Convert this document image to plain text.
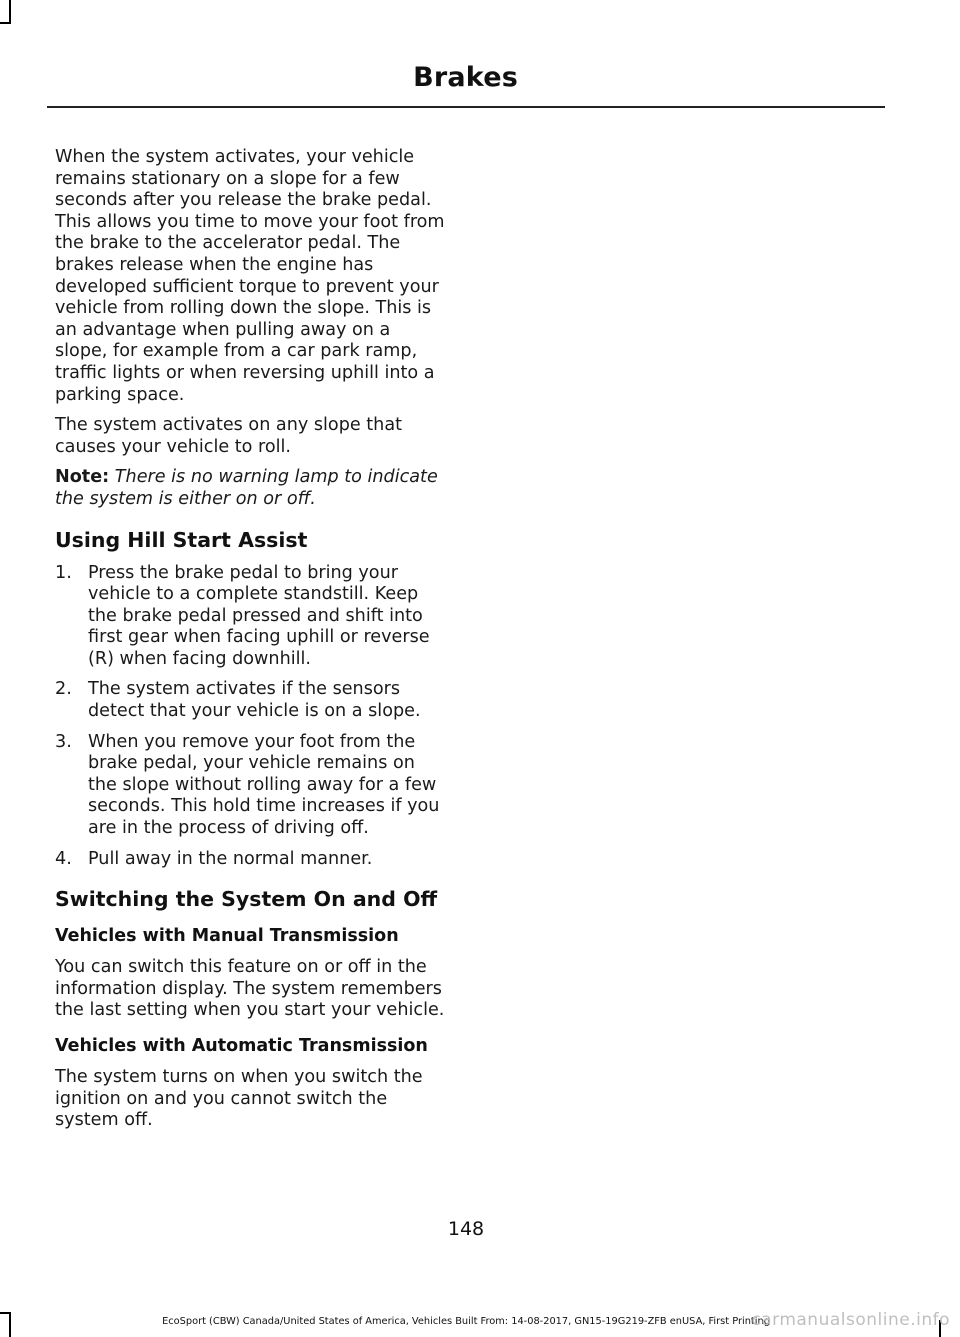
Brakes

When the system activates, your vehicle remains stationary on a slope for a few seconds after you release the brake pedal. This allows you time to move your foot from the brake to the accelerator pedal. The brakes release when the engine has developed sufficient torque to prevent your vehicle from rolling down the slope. This is an advantage when pulling away on a slope, for example from a car park ramp, traffic lights or when reversing uphill into a parking space.

The system activates on any slope that causes your vehicle to roll.

Note: There is no warning lamp to indicate the system is either on or off.

Using Hill Start Assist
1. Press the brake pedal to bring your vehicle to a complete standstill. Keep the brake pedal pressed and shift into first gear when facing uphill or reverse (R) when facing downhill.
2. The system activates if the sensors detect that your vehicle is on a slope.
3. When you remove your foot from the brake pedal, your vehicle remains on the slope without rolling away for a few seconds. This hold time increases if you are in the process of driving off.
4. Pull away in the normal manner.
Switching the System On and Off
Vehicles with Manual Transmission

You can switch this feature on or off in the information display. The system remembers the last setting when you start your vehicle.

Vehicles with Automatic Transmission

The system turns on when you switch the ignition on and you cannot switch the system off.

148
EcoSport (CBW) Canada/United States of America, Vehicles Built From: 14-08-2017, GN15-19G219-ZFB enUSA, First Printing
carmanualsonline.info
